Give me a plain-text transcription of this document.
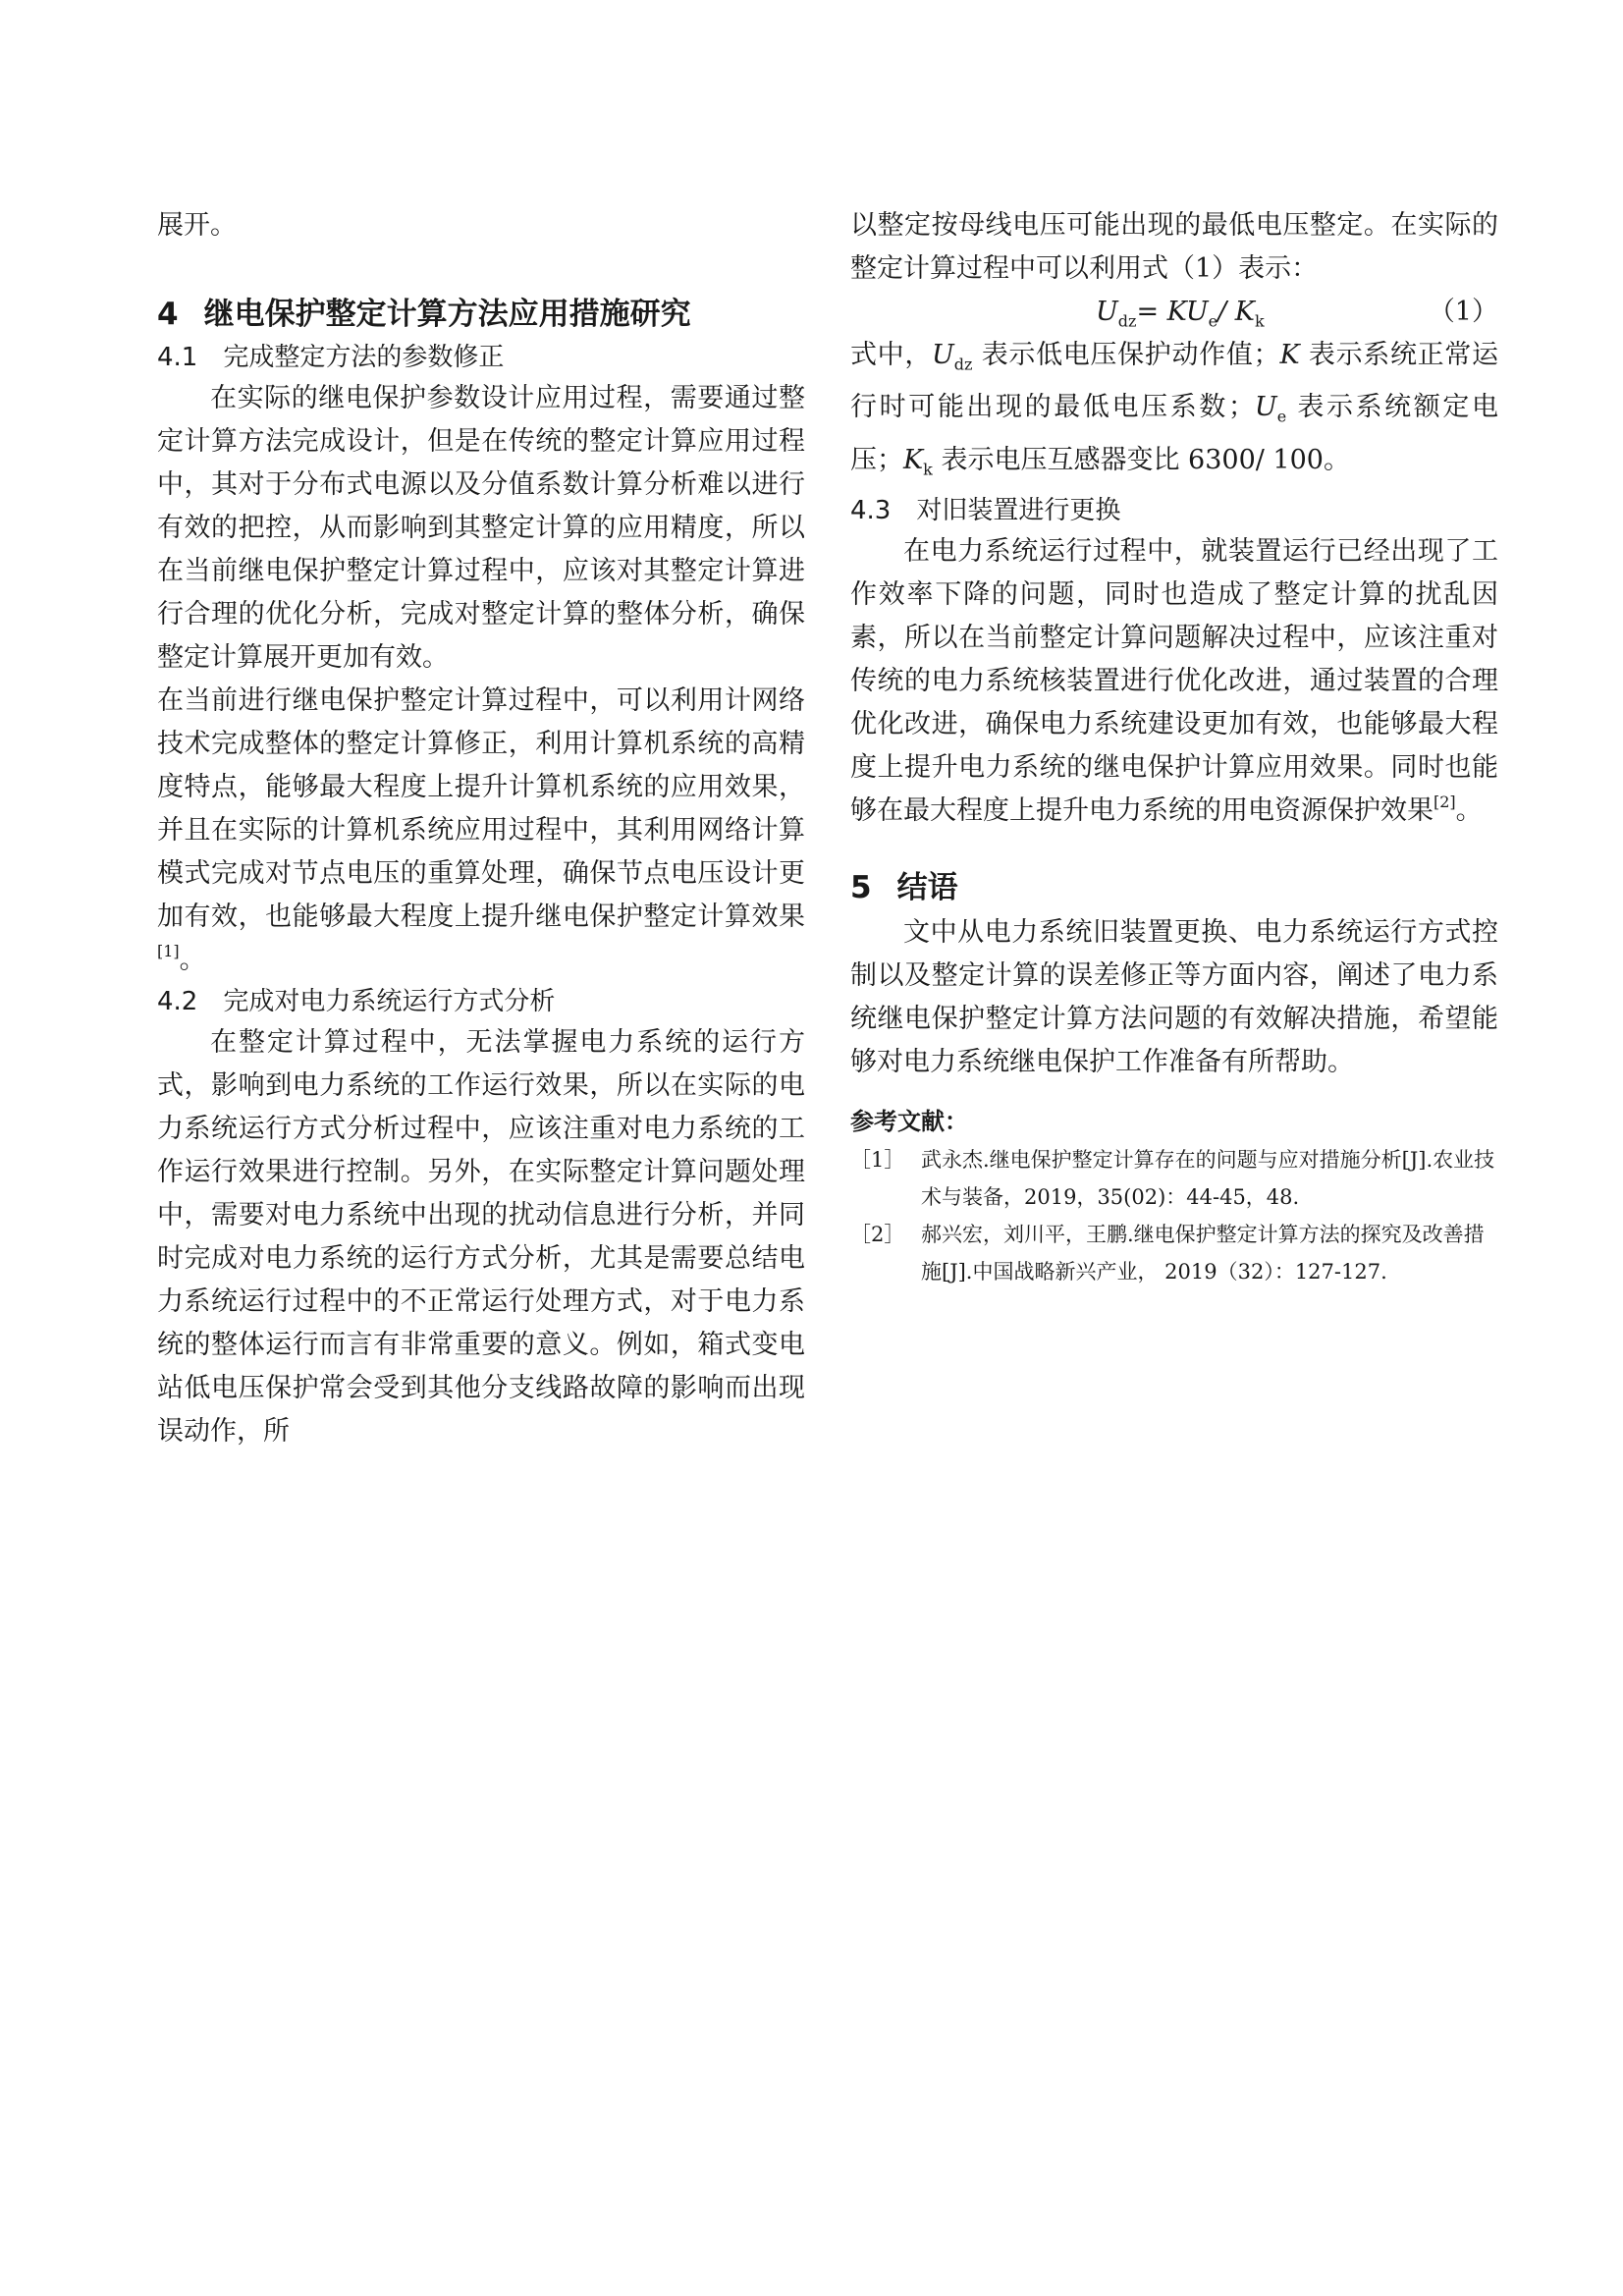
展开。

4 继电保护整定计算方法应用措施研究
4.1 完成整定方法的参数修正

在实际的继电保护参数设计应用过程，需要通过整定计算方法完成设计，但是在传统的整定计算应用过程中，其对于分布式电源以及分值系数计算分析难以进行有效的把控，从而影响到其整定计算的应用精度，所以在当前继电保护整定计算过程中，应该对其整定计算进行合理的优化分析，完成对整定计算的整体分析，确保整定计算展开更加有效。

在当前进行继电保护整定计算过程中，可以利用计网络技术完成整体的整定计算修正，利用计算机系统的高精度特点，能够最大程度上提升计算机系统的应用效果，并且在实际的计算机系统应用过程中，其利用网络计算模式完成对节点电压的重算处理，确保节点电压设计更加有效，也能够最大程度上提升继电保护整定计算效果[1]。

4.2 完成对电力系统运行方式分析

在整定计算过程中，无法掌握电力系统的运行方式，影响到电力系统的工作运行效果，所以在实际的电力系统运行方式分析过程中，应该注重对电力系统的工作运行效果进行控制。另外，在实际整定计算问题处理中，需要对电力系统中出现的扰动信息进行分析，并同时完成对电力系统的运行方式分析，尤其是需要总结电力系统运行过程中的不正常运行处理方式，对于电力系统的整体运行而言有非常重要的意义。例如，箱式变电站低电压保护常会受到其他分支线路故障的影响而出现误动作，所

以整定按母线电压可能出现的最低电压整定。在实际的整定计算过程中可以利用式（1）表示：

$U_{dz}= KU_e/$ $K_k$	（1）

式中，$U_{dz}$ 表示低电压保护动作值；K 表示系统正常运行时可能出现的最低电压系数；$U_e$ 表示系统额定电压；$K_k$ 表示电压互感器变比 6300/ 100。

4.3 对旧装置进行更换

在电力系统运行过程中，就装置运行已经出现了工作效率下降的问题，同时也造成了整定计算的扰乱因素，所以在当前整定计算问题解决过程中，应该注重对传统的电力系统核装置进行优化改进，通过装置的合理优化改进，确保电力系统建设更加有效，也能够最大程度上提升电力系统的继电保护计算应用效果。同时也能够在最大程度上提升电力系统的用电资源保护效果[2]。

5 结语

文中从电力系统旧装置更换、电力系统运行方式控制以及整定计算的误差修正等方面内容，阐述了电力系统继电保护整定计算方法问题的有效解决措施，希望能够对电力系统继电保护工作准备有所帮助。

参考文献：
［1］ 武永杰.继电保护整定计算存在的问题与应对措施分析[J].农业技术与装备，2019，35(02)：44-45，48.
［2］ 郝兴宏，刘川平，王鹏.继电保护整定计算方法的探究及改善措施[J].中国战略新兴产业， 2019（32）：127-127.
